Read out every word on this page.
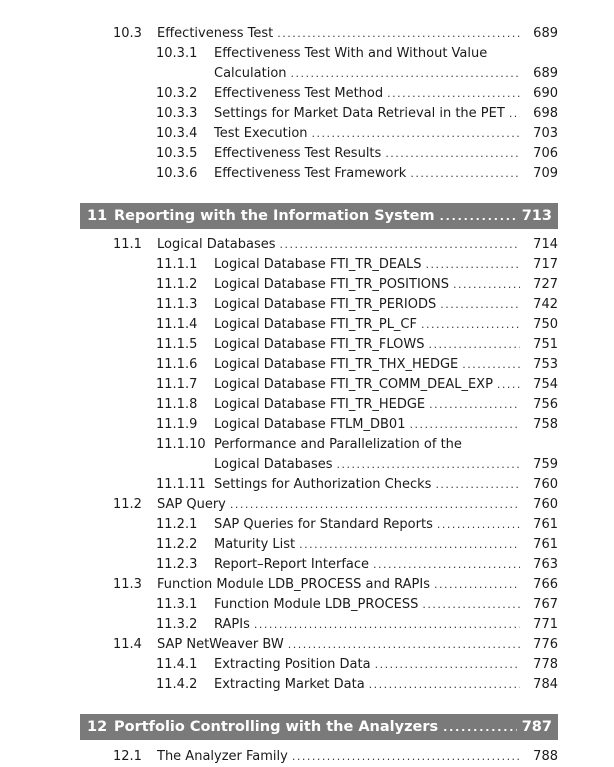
10.3	Effectiveness Test . . .	689
10.3.1 Effectiveness Test With and Without Value
Calculation . . .	689
10.3.2	Effectiveness Test Method . . .	690
10.3.3	Settings for Market Data Retrieval in the PET . . .	698
10.3.4	Test Execution . . .	703
10.3.5	Effectiveness Test Results . . .	706
10.3.6	Effectiveness Test Framework . . .	709
11 Reporting with the Information System . . .	713
11.1	Logical Databases . . .	714
11.1.1	Logical Database FTI_TR_DEALS . . .	717
11.1.2	Logical Database FTI_TR_POSITIONS . . .	727
11.1.3	Logical Database FTI_TR_PERIODS . . .	742
11.1.4	Logical Database FTI_TR_PL_CF . . .	750
11.1.5	Logical Database FTI_TR_FLOWS . . .	751
11.1.6	Logical Database FTI_TR_THX_HEDGE . . .	753
11.1.7	Logical Database FTI_TR_COMM_DEAL_EXP . . .	754
11.1.8	Logical Database FTI_TR_HEDGE . . .	756
11.1.9	Logical Database FTLM_DB01 . . .	758
11.1.10 Performance and Parallelization of the
Logical Databases . . .	759
11.1.11 Settings for Authorization Checks . . .	760
11.2	SAP Query . . .	760
11.2.1	SAP Queries for Standard Reports . . .	761
11.2.2	Maturity List . . .	761
11.2.3	Report–Report Interface . . .	763
11.3	Function Module LDB_PROCESS and RAPIs . . .	766
11.3.1	Function Module LDB_PROCESS . . .	767
11.3.2	RAPIs . . .	771
11.4	SAP NetWeaver BW . . .	776
11.4.1	Extracting Position Data . . .	778
11.4.2	Extracting Market Data . . .	784
12 Portfolio Controlling with the Analyzers . . .	787
12.1	The Analyzer Family . . .	788
